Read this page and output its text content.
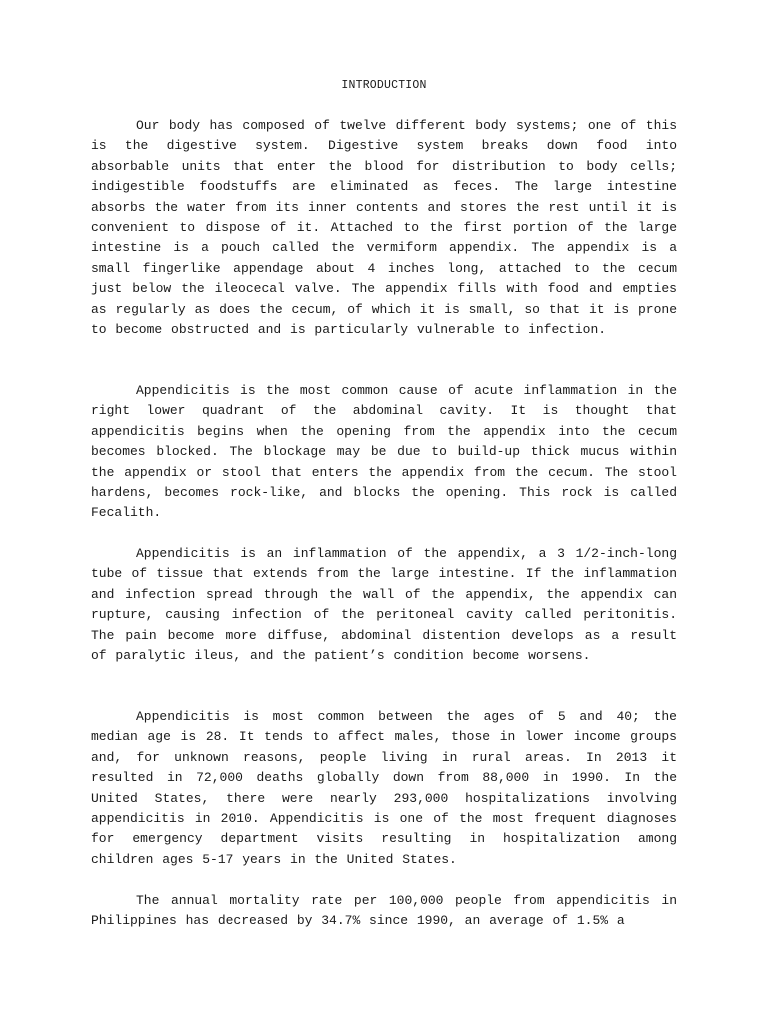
INTRODUCTION

Our body has composed of twelve different body systems; one of this is the digestive system. Digestive system breaks down food into absorbable units that enter the blood for distribution to body cells; indigestible foodstuffs are eliminated as feces. The large intestine absorbs the water from its inner contents and stores the rest until it is convenient to dispose of it. Attached to the first portion of the large intestine is a pouch called the vermiform appendix. The appendix is a small fingerlike appendage about 4 inches long, attached to the cecum just below the ileocecal valve. The appendix fills with food and empties as regularly as does the cecum, of which it is small, so that it is prone to become obstructed and is particularly vulnerable to infection.

Appendicitis is the most common cause of acute inflammation in the right lower quadrant of the abdominal cavity. It is thought that appendicitis begins when the opening from the appendix into the cecum becomes blocked. The blockage may be due to build-up thick mucus within the appendix or stool that enters the appendix from the cecum. The stool hardens, becomes rock-like, and blocks the opening. This rock is called Fecalith.

Appendicitis is an inflammation of the appendix, a 3 1/2-inch-long tube of tissue that extends from the large intestine. If the inflammation and infection spread through the wall of the appendix, the appendix can rupture, causing infection of the peritoneal cavity called peritonitis. The pain become more diffuse, abdominal distention develops as a result of paralytic ileus, and the patient’s condition become worsens.

Appendicitis is most common between the ages of 5 and 40; the median age is 28. It tends to affect males, those in lower income groups and, for unknown reasons, people living in rural areas. In 2013 it resulted in 72,000 deaths globally down from 88,000 in 1990. In the United States, there were nearly 293,000 hospitalizations involving appendicitis in 2010. Appendicitis is one of the most frequent diagnoses for emergency department visits resulting in hospitalization among children ages 5-17 years in the United States.

The annual mortality rate per 100,000 people from appendicitis in Philippines has decreased by 34.7% since 1990, an average of 1.5% a
